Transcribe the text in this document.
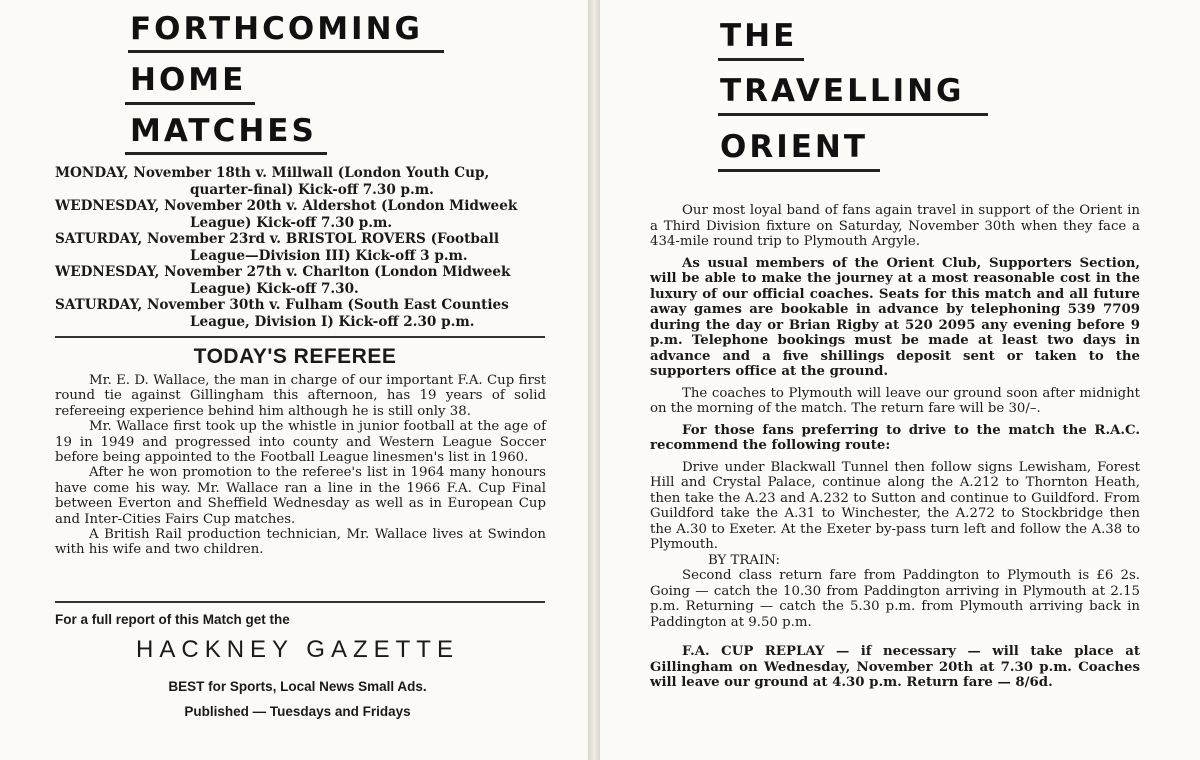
FORTHCOMING
HOME
MATCHES
MONDAY, November 18th v. Millwall (London Youth Cup, quarter-final) Kick-off 7.30 p.m.
WEDNESDAY, November 20th v. Aldershot (London Midweek League) Kick-off 7.30 p.m.
SATURDAY, November 23rd v. BRISTOL ROVERS (Football League—Division III) Kick-off 3 p.m.
WEDNESDAY, November 27th v. Charlton (London Midweek League) Kick-off 7.30.
SATURDAY, November 30th v. Fulham (South East Counties League, Division I) Kick-off 2.30 p.m.
TODAY'S REFEREE

Mr. E. D. Wallace, the man in charge of our important F.A. Cup first round tie against Gillingham this afternoon, has 19 years of solid refereeing experience behind him although he is still only 38.

Mr. Wallace first took up the whistle in junior football at the age of 19 in 1949 and progressed into county and Western League Soccer before being appointed to the Football League linesmen's list in 1960.

After he won promotion to the referee's list in 1964 many honours have come his way. Mr. Wallace ran a line in the 1966 F.A. Cup Final between Everton and Sheffield Wednesday as well as in European Cup and Inter-Cities Fairs Cup matches.

A British Rail production technician, Mr. Wallace lives at Swindon with his wife and two children.

For a full report of this Match get the
HACKNEY GAZETTE
BEST for Sports, Local News Small Ads.
Published — Tuesdays and Fridays
THE
TRAVELLING
ORIENT

Our most loyal band of fans again travel in support of the Orient in a Third Division fixture on Saturday, November 30th when they face a 434-mile round trip to Plymouth Argyle.

As usual members of the Orient Club, Supporters Section, will be able to make the journey at a most reasonable cost in the luxury of our official coaches. Seats for this match and all future away games are bookable in advance by telephoning 539 7709 during the day or Brian Rigby at 520 2095 any evening before 9 p.m. Telephone bookings must be made at least two days in advance and a five shillings deposit sent or taken to the supporters office at the ground.

The coaches to Plymouth will leave our ground soon after midnight on the morning of the match. The return fare will be 30/–.

For those fans preferring to drive to the match the R.A.C. recommend the following route:

Drive under Blackwall Tunnel then follow signs Lewisham, Forest Hill and Crystal Palace, continue along the A.212 to Thornton Heath, then take the A.23 and A.232 to Sutton and continue to Guildford. From Guildford take the A.31 to Winchester, the A.272 to Stockbridge then the A.30 to Exeter. At the Exeter by-pass turn left and follow the A.38 to Plymouth.

BY TRAIN:

Second class return fare from Paddington to Plymouth is £6 2s. Going — catch the 10.30 from Paddington arriving in Plymouth at 2.15 p.m. Returning — catch the 5.30 p.m. from Plymouth arriving back in Paddington at 9.50 p.m.

F.A. CUP REPLAY — if necessary — will take place at Gillingham on Wednesday, November 20th at 7.30 p.m. Coaches will leave our ground at 4.30 p.m. Return fare — 8/6d.
